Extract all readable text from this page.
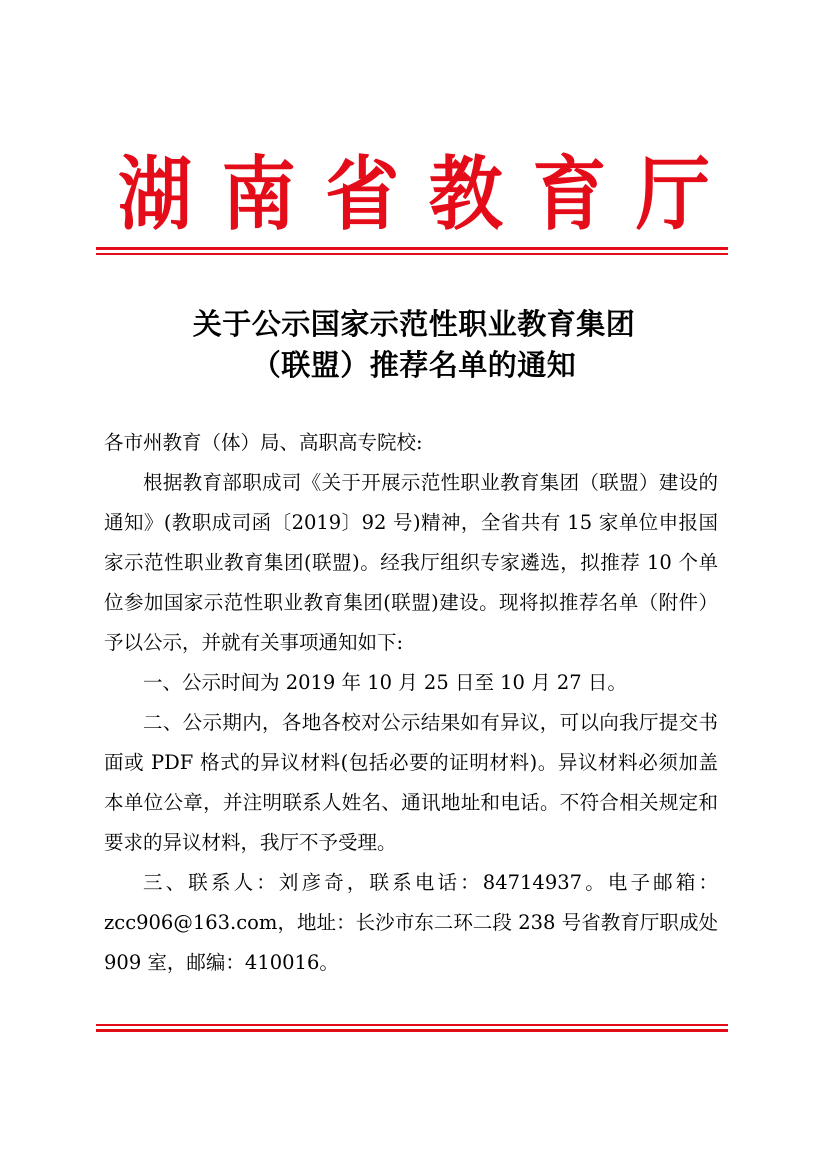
湖 南 省 教 育 厅
关于公示国家示范性职业教育集团
（联盟）推荐名单的通知

各市州教育（体）局、高职高专院校:

根据教育部职成司《关于开展示范性职业教育集团（联盟）建设的通知》(教职成司函〔2019〕92 号)精神，全省共有 15 家单位申报国家示范性职业教育集团(联盟)。经我厅组织专家遴选，拟推荐 10 个单位参加国家示范性职业教育集团(联盟)建设。现将拟推荐名单（附件）予以公示，并就有关事项通知如下:

一、公示时间为 2019 年 10 月 25 日至 10 月 27 日。

二、公示期内，各地各校对公示结果如有异议，可以向我厅提交书面或 PDF 格式的异议材料(包括必要的证明材料)。异议材料必须加盖本单位公章，并注明联系人姓名、通讯地址和电话。不符合相关规定和要求的异议材料，我厅不予受理。

三、联系人：刘彦奇，联系电话：84714937。电子邮箱：zcc906@163.com，地址：长沙市东二环二段 238 号省教育厅职成处 909 室，邮编：410016。
